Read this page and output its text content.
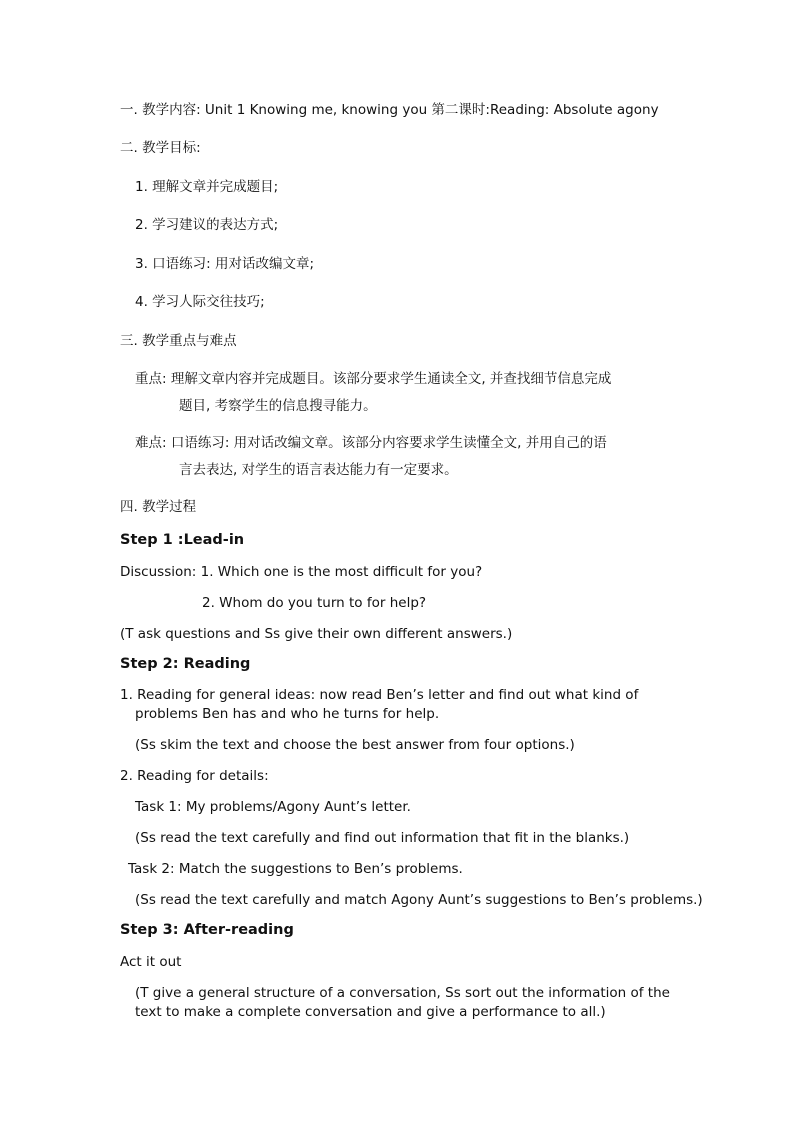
一. 教学内容: Unit 1 Knowing me, knowing you 第二课时:Reading: Absolute agony
二. 教学目标:
1. 理解文章并完成题目;
2. 学习建议的表达方式;
3. 口语练习: 用对话改编文章;
4. 学习人际交往技巧;
三. 教学重点与难点
重点: 理解文章内容并完成题目。该部分要求学生通读全文, 并查找细节信息完成
题目, 考察学生的信息搜寻能力。
难点: 口语练习: 用对话改编文章。该部分内容要求学生读懂全文, 并用自己的语
言去表达, 对学生的语言表达能力有一定要求。
四. 教学过程
Step 1 :Lead-in
Discussion: 1. Which one is the most difficult for you?
2. Whom do you turn to for help?
(T ask questions and Ss give their own different answers.)
Step 2: Reading
1. Reading for general ideas: now read Ben’s letter and find out what kind of
problems Ben has and who he turns for help.
(Ss skim the text and choose the best answer from four options.)
2. Reading for details:
Task 1: My problems/Agony Aunt’s letter.
(Ss read the text carefully and find out information that fit in the blanks.)
Task 2: Match the suggestions to Ben’s problems.
(Ss read the text carefully and match Agony Aunt’s suggestions to Ben’s problems.)
Step 3: After-reading
Act it out
(T give a general structure of a conversation, Ss sort out the information of the
text to make a complete conversation and give a performance to all.)
